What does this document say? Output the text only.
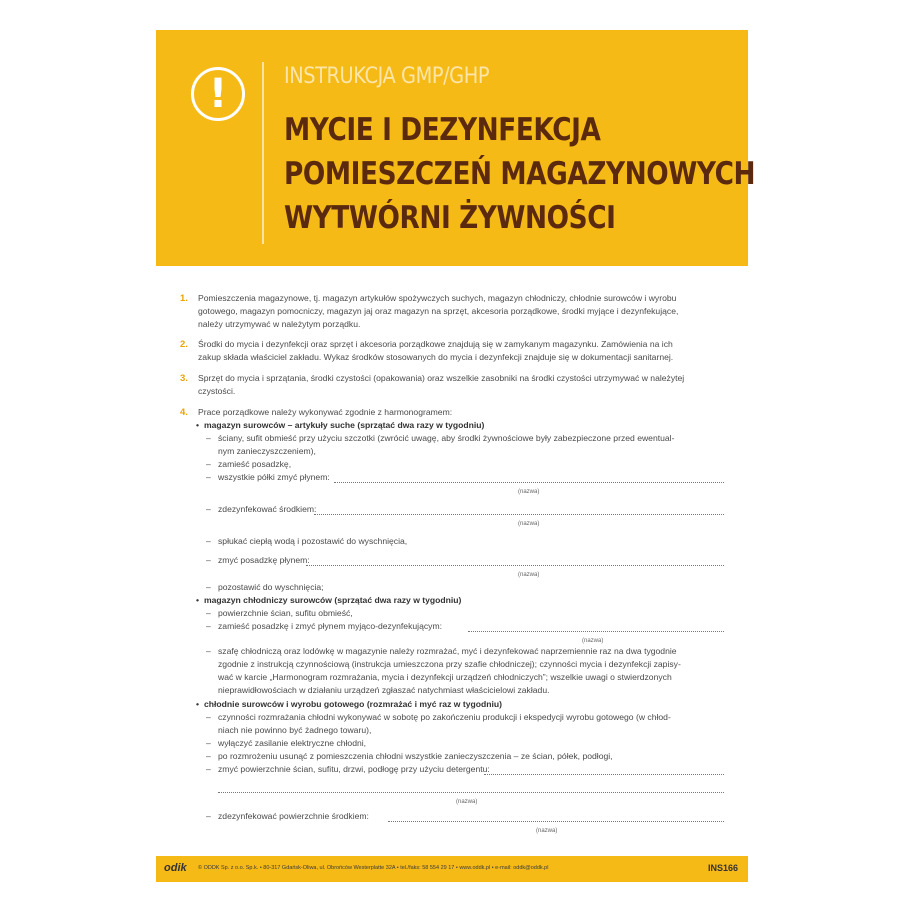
!	INSTRUKCJA GMP/GHP
MYCIE I DEZYNFEKCJA
POMIESZCZEŃ MAGAZYNOWYCH
WYTWÓRNI ŻYWNOŚCI
1. Pomieszczenia magazynowe, tj. magazyn artykułów spożywczych suchych, magazyn chłodniczy, chłodnie surowców i wyrobu
gotowego, magazyn pomocniczy, magazyn jaj oraz magazyn na sprzęt, akcesoria porządkowe, środki myjące i dezynfekujące,
należy utrzymywać w należytym porządku.
2. Środki do mycia i dezynfekcji oraz sprzęt i akcesoria porządkowe znajdują się w zamykanym magazynku. Zamówienia na ich
zakup składa właściciel zakładu. Wykaz środków stosowanych do mycia i dezynfekcji znajduje się w dokumentacji sanitarnej.
3. Sprzęt do mycia i sprzątania, środki czystości (opakowania) oraz wszelkie zasobniki na środki czystości utrzymywać w należytej
czystości.
4. Prace porządkowe należy wykonywać zgodnie z harmonogramem:
• magazyn surowców – artykuły suche (sprzątać dwa razy w tygodniu)
– ściany, sufit obmieść przy użyciu szczotki (zwrócić uwagę, aby środki żywnościowe były zabezpieczone przed ewentual-
nym zanieczyszczeniem),
– zamieść posadzkę,
– wszystkie półki zmyć płynem:
(nazwa)
– zdezynfekować środkiem:
(nazwa)
– spłukać ciepłą wodą i pozostawić do wyschnięcia,
– zmyć posadzkę płynem:
(nazwa)
– pozostawić do wyschnięcia;
• magazyn chłodniczy surowców (sprzątać dwa razy w tygodniu)
– powierzchnie ścian, sufitu obmieść,
– zamieść posadzkę i zmyć płynem myjąco-dezynfekującym:
(nazwa)
– szafę chłodniczą oraz lodówkę w magazynie należy rozmrażać, myć i dezynfekować naprzemiennie raz na dwa tygodnie
zgodnie z instrukcją czynnościową (instrukcja umieszczona przy szafie chłodniczej); czynności mycia i dezynfekcji zapisy-
wać w karcie „Harmonogram rozmrażania, mycia i dezynfekcji urządzeń chłodniczych”; wszelkie uwagi o stwierdzonych
nieprawidłowościach w działaniu urządzeń zgłaszać natychmiast właścicielowi zakładu.
• chłodnie surowców i wyrobu gotowego (rozmrażać i myć raz w tygodniu)
– czynności rozmrażania chłodni wykonywać w sobotę po zakończeniu produkcji i ekspedycji wyrobu gotowego (w chłod-
niach nie powinno być żadnego towaru),
– wyłączyć zasilanie elektryczne chłodni,
– po rozmrożeniu usunąć z pomieszczenia chłodni wszystkie zanieczyszczenia – ze ścian, półek, podłogi,
– zmyć powierzchnie ścian, sufitu, drzwi, podłogę przy użyciu detergentu:
(nazwa)
– zdezynfekować powierzchnie środkiem:
(nazwa)
odik © ODDK Sp. z o.o. Sp.k. • 80-317 Gdańsk-Oliwa, ul. Obrońców Westerplatte 32A • tel./faks: 58 554 29 17 • www.oddk.pl • e-mail: oddk@oddk.pl	INS166
